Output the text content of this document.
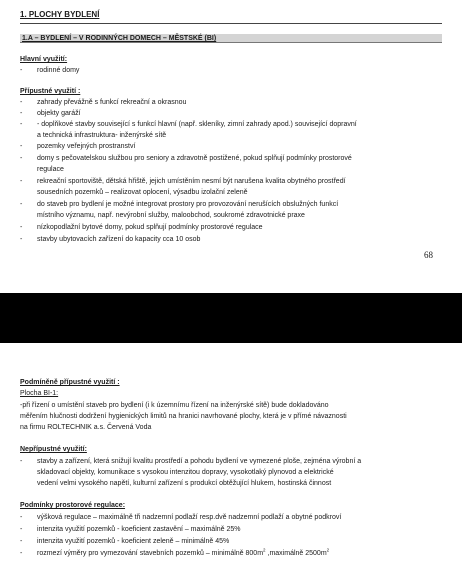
1. PLOCHY BYDLENÍ
1.A – BYDLENÍ – V RODINNÝCH DOMECH – MĚSTSKÉ (BI)
Hlavní využití:
- rodinné domy
Přípustné využití :
- zahrady převážně s funkcí rekreační a okrasnou
- objekty garáží
- - doplňkové stavby související s funkcí hlavní (např. skleníky, zimní zahrady apod.) související dopravní
a technická infrastruktura- inženýrské sítě
- pozemky veřejných prostranství
- domy s pečovatelskou službou pro seniory a zdravotně postižené, pokud splňují podmínky prostorové
regulace
- rekreační sportoviště, dětská hřiště, jejich umístěním nesmí být narušena kvalita obytného prostředí
sousedních pozemků – realizovat oplocení, výsadbu izolační zeleně
- do staveb pro bydlení je možné integrovat prostory pro provozování nerušících obslužných funkcí
místního významu, např. nevýrobní služby, maloobchod, soukromé zdravotnické praxe
- nízkopodlažní bytové domy, pokud splňují podmínky prostorové regulace
- stavby ubytovacích zařízení do kapacity cca 10 osob
68
Podmíněně přípustné využití :
Plocha BI-1:
-při řízení o umístění staveb pro bydlení (i k územnímu řízení na inženýrské sítě) bude dokladováno
měřením hlučnosti dodržení hygienických limitů na hranici navrhované plochy, která je v přímé návaznosti
na firmu ROLTECHNIK a.s. Červená Voda
Nepřípustné využití:
- stavby a zařízení, která snižují kvalitu prostředí a pohodu bydlení ve vymezené ploše, zejména výrobní a
skladovací objekty, komunikace s vysokou intenzitou dopravy, vysokotlaký plynovod a elektrické
vedení velmi vysokého napětí, kulturní zařízení s produkcí obtěžující hlukem, hostinská činnost
Podmínky prostorové regulace:
- výšková regulace – maximálně tři nadzemní podlaží resp.dvě nadzemní podlaží a obytné podkroví
- intenzita využití pozemků - koeficient zastavění – maximálně 25%
- intenzita využití pozemků - koeficient zeleně – minimálně 45%
- rozmezí výměry pro vymezování stavebních pozemků – minimálně $800m^2$ ,maximálně $2500m^2$
